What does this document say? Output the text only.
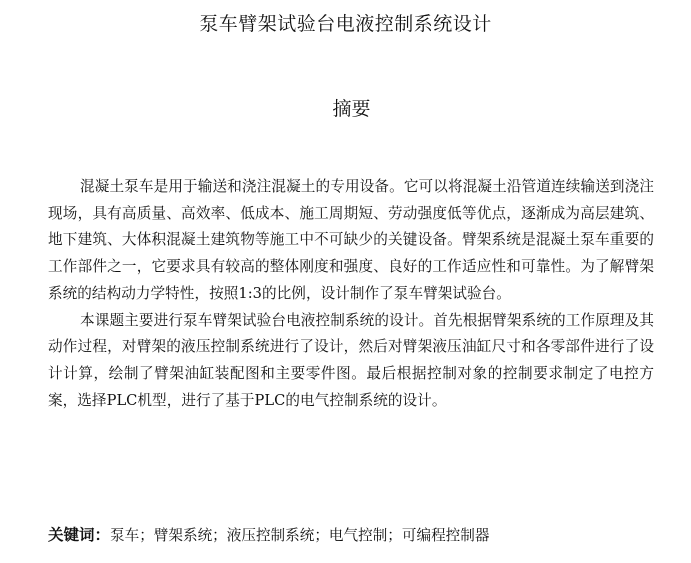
泵车臂架试验台电液控制系统设计
摘要

混凝土泵车是用于输送和浇注混凝土的专用设备。它可以将混凝土沿管道连续输送到浇注现场，具有高质量、高效率、低成本、施工周期短、劳动强度低等优点，逐渐成为高层建筑、地下建筑、大体积混凝土建筑物等施工中不可缺少的关键设备。臂架系统是混凝土泵车重要的工作部件之一，它要求具有较高的整体刚度和强度、良好的工作适应性和可靠性。为了解臂架系统的结构动力学特性，按照1:3的比例，设计制作了泵车臂架试验台。

本课题主要进行泵车臂架试验台电液控制系统的设计。首先根据臂架系统的工作原理及其动作过程，对臂架的液压控制系统进行了设计，然后对臂架液压油缸尺寸和各零部件进行了设计计算，绘制了臂架油缸装配图和主要零件图。最后根据控制对象的控制要求制定了电控方案，选择PLC机型，进行了基于PLC的电气控制系统的设计。

关键词：泵车；臂架系统；液压控制系统；电气控制；可编程控制器
